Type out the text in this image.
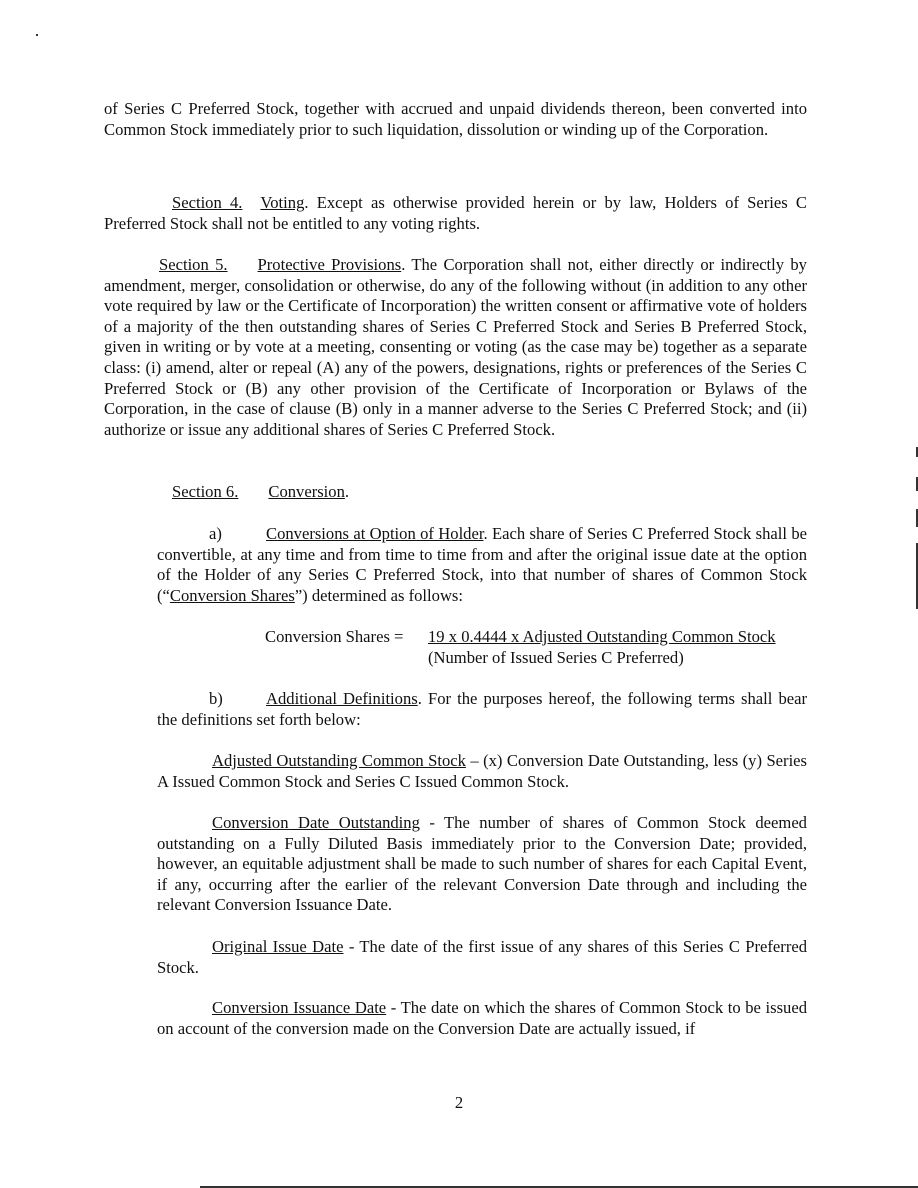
of Series C Preferred Stock, together with accrued and unpaid dividends thereon, been converted into Common Stock immediately prior to such liquidation, dissolution or winding up of the Corporation.

Section 4. Voting. Except as otherwise provided herein or by law, Holders of Series C Preferred Stock shall not be entitled to any voting rights.

Section 5. Protective Provisions. The Corporation shall not, either directly or indirectly by amendment, merger, consolidation or otherwise, do any of the following without (in addition to any other vote required by law or the Certificate of Incorporation) the written consent or affirmative vote of holders of a majority of the then outstanding shares of Series C Preferred Stock and Series B Preferred Stock, given in writing or by vote at a meeting, consenting or voting (as the case may be) together as a separate class: (i) amend, alter or repeal (A) any of the powers, designations, rights or preferences of the Series C Preferred Stock or (B) any other provision of the Certificate of Incorporation or Bylaws of the Corporation, in the case of clause (B) only in a manner adverse to the Series C Preferred Stock; and (ii) authorize or issue any additional shares of Series C Preferred Stock.

Section 6. Conversion.

a)	Conversions at Option of Holder. Each share of Series C Preferred Stock shall be convertible, at any time and from time to time from and after the original issue date at the option of the Holder of any Series C Preferred Stock, into that number of shares of Common Stock (“Conversion Shares”) determined as follows:

Conversion Shares = 19 x 0.4444 x Adjusted Outstanding Common Stock
(Number of Issued Series C Preferred)

b)	Additional Definitions. For the purposes hereof, the following terms shall bear the definitions set forth below:

Adjusted Outstanding Common Stock – (x) Conversion Date Outstanding, less (y) Series A Issued Common Stock and Series C Issued Common Stock.

Conversion Date Outstanding - The number of shares of Common Stock deemed outstanding on a Fully Diluted Basis immediately prior to the Conversion Date; provided, however, an equitable adjustment shall be made to such number of shares for each Capital Event, if any, occurring after the earlier of the relevant Conversion Date through and including the relevant Conversion Issuance Date.

Original Issue Date - The date of the first issue of any shares of this Series C Preferred Stock.

Conversion Issuance Date - The date on which the shares of Common Stock to be issued on account of the conversion made on the Conversion Date are actually issued, if

2
